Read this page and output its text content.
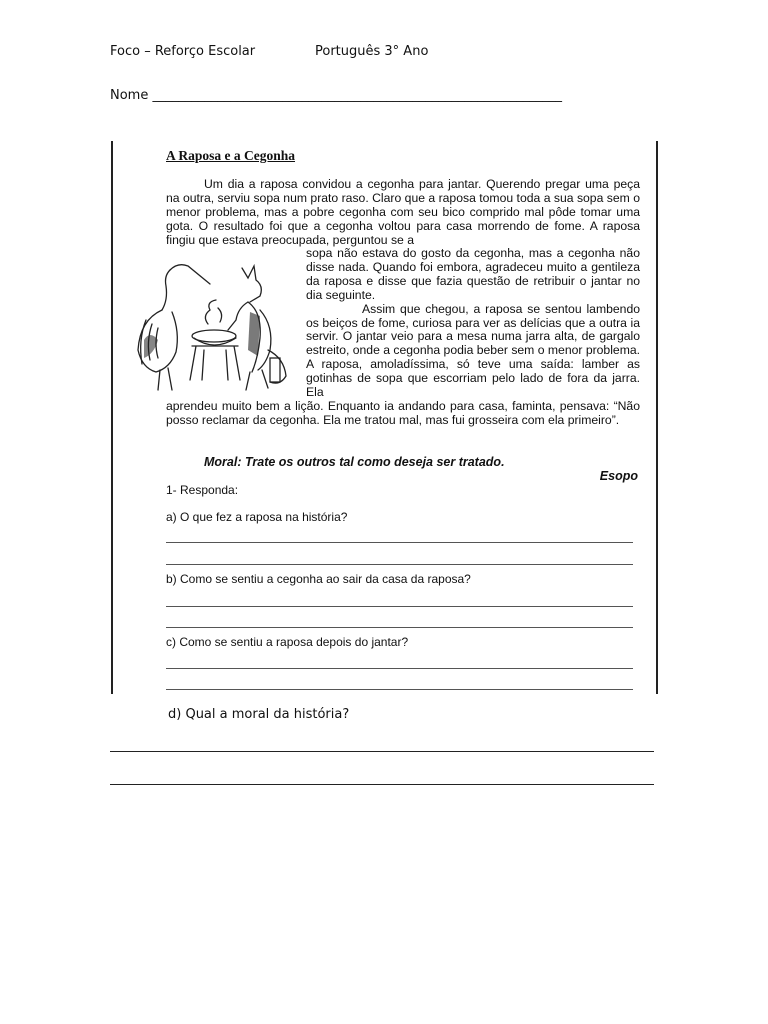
Foco – Reforço Escolar	Português 3° Ano
Nome _______________________________________________________________
A Raposa e a Cegonha
Um dia a raposa convidou a cegonha para jantar. Querendo pregar uma peça na outra, serviu sopa num prato raso. Claro que a raposa tomou toda a sua sopa sem o menor problema, mas a pobre cegonha com seu bico comprido mal pôde tomar uma gota. O resultado foi que a cegonha voltou para casa morrendo de fome. A raposa fingiu que estava preocupada, perguntou se a
sopa não estava do gosto da cegonha, mas a cegonha não disse nada. Quando foi embora, agradeceu muito a gentileza da raposa e disse que fazia questão de retribuir o jantar no dia seguinte.
Assim que chegou, a raposa se sentou lambendo os beiços de fome, curiosa para ver as delícias que a outra ia servir. O jantar veio para a mesa numa jarra alta, de gargalo estreito, onde a cegonha podia beber sem o menor problema. A raposa, amoladíssima, só teve uma saída: lamber as gotinhas de sopa que escorriam pelo lado de fora da jarra. Ela
aprendeu muito bem a lição. Enquanto ia andando para casa, faminta, pensava: “Não posso reclamar da cegonha. Ela me tratou mal, mas fui grosseira com ela primeiro”.
Moral: Trate os outros tal como deseja ser tratado.
Esopo
1- Responda:
a) O que fez a raposa na história?
b) Como se sentiu a cegonha ao sair da casa da raposa?
c) Como se sentiu a raposa depois do jantar?
d) Qual a moral da história?
